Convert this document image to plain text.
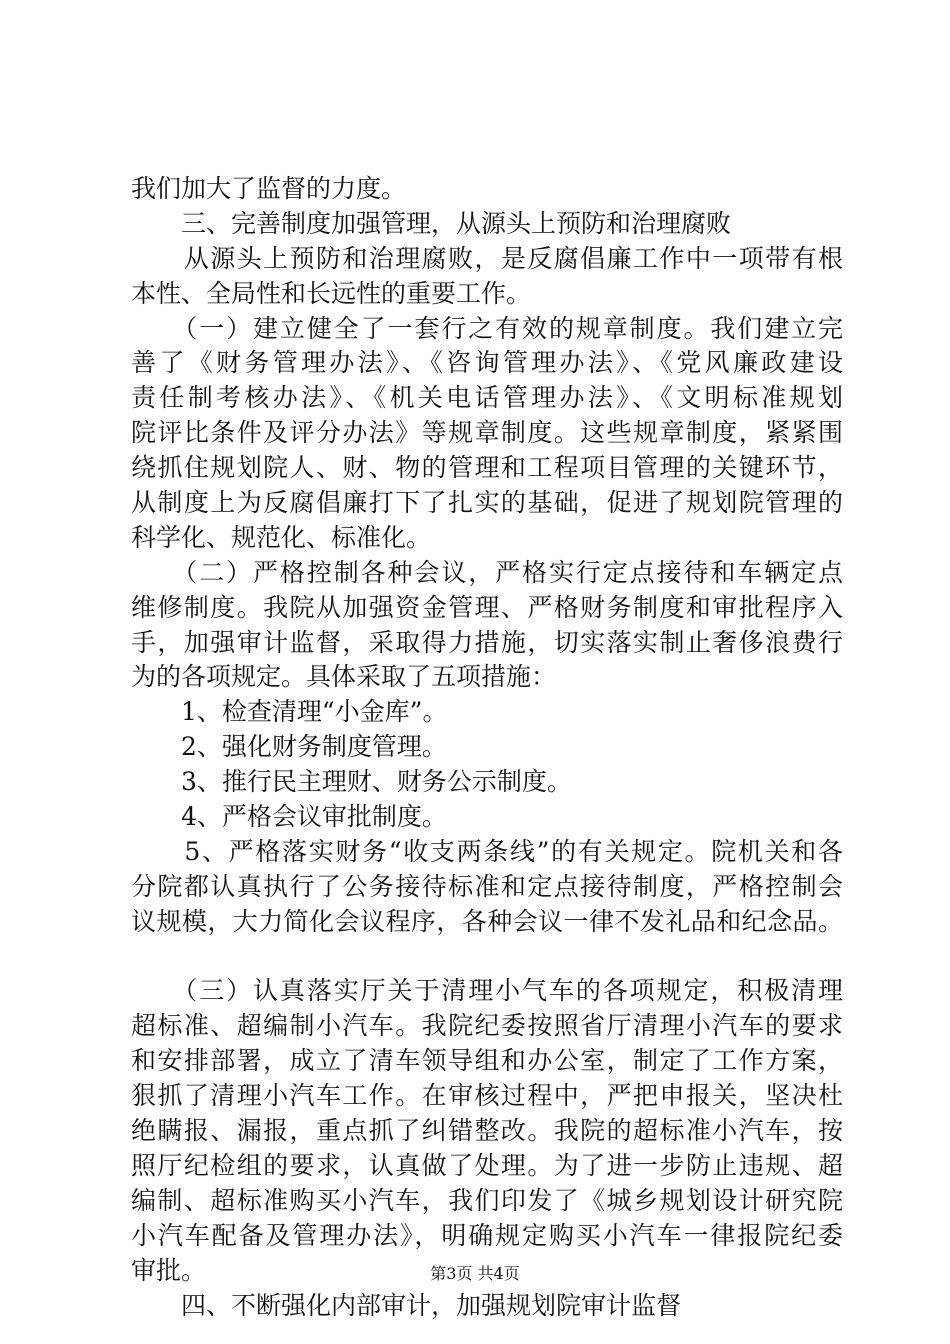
我们加大了监督的力度。
　　三、完善制度加强管理，从源头上预防和治理腐败
　　从源头上预防和治理腐败，是反腐倡廉工作中一项带有根
本性、全局性和长远性的重要工作。
　　（一）建立健全了一套行之有效的规章制度。我们建立完
善了《财务管理办法》、《咨询管理办法》、《党风廉政建设
责任制考核办法》、《机关电话管理办法》、《文明标准规划
院评比条件及评分办法》等规章制度。这些规章制度，紧紧围
绕抓住规划院人、财、物的管理和工程项目管理的关键环节，
从制度上为反腐倡廉打下了扎实的基础，促进了规划院管理的
科学化、规范化、标准化。
　　（二）严格控制各种会议，严格实行定点接待和车辆定点
维修制度。我院从加强资金管理、严格财务制度和审批程序入
手，加强审计监督，采取得力措施，切实落实制止奢侈浪费行
为的各项规定。具体采取了五项措施：
　　1、检查清理“小金库”。
　　2、强化财务制度管理。
　　3、推行民主理财、财务公示制度。
　　4、严格会议审批制度。
　　5、严格落实财务“收支两条线”的有关规定。院机关和各
分院都认真执行了公务接待标准和定点接待制度，严格控制会
议规模，大力简化会议程序，各种会议一律不发礼品和纪念品。
　　（三）认真落实厅关于清理小气车的各项规定，积极清理
超标准、超编制小汽车。我院纪委按照省厅清理小汽车的要求
和安排部署，成立了清车领导组和办公室，制定了工作方案，
狠抓了清理小汽车工作。在审核过程中，严把申报关，坚决杜
绝瞒报、漏报，重点抓了纠错整改。我院的超标准小汽车，按
照厅纪检组的要求，认真做了处理。为了进一步防止违规、超
编制、超标准购买小汽车，我们印发了《城乡规划设计研究院
小汽车配备及管理办法》，明确规定购买小汽车一律报院纪委
审批。
　　四、不断强化内部审计，加强规划院审计监督
第3页 共4页
